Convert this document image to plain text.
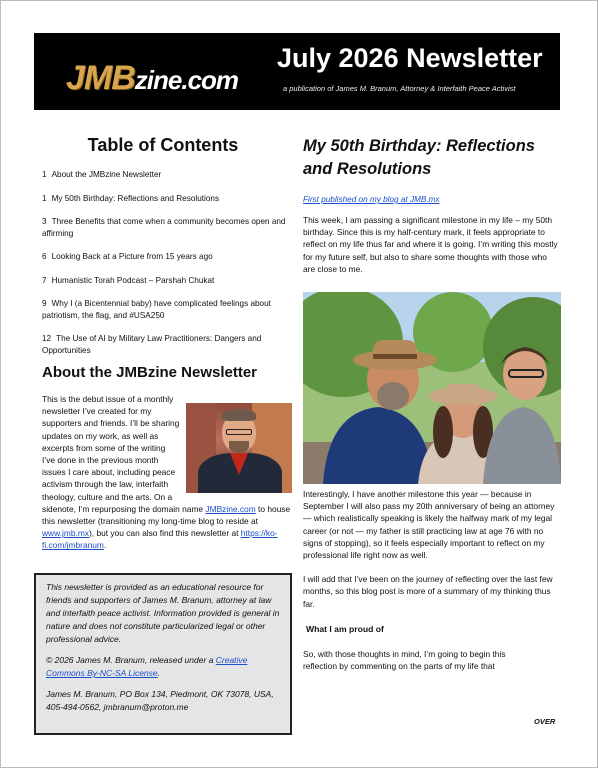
JMBzine.com
July 2026 Newsletter
a publication of James M. Branum, Attorney & Interfaith Peace Activist
Table of Contents
1 About the JMBzine Newsletter
1 My 50th Birthday: Reflections and Resolutions
3 Three Benefits that come when a community becomes open and affirming
6 Looking Back at a Picture from 15 years ago
7 Humanistic Torah Podcast – Parshah Chukat
9 Why I (a Bicentennial baby) have complicated feelings about patriotism, the flag, and #USA250
12 The Use of AI by Military Law Practitioners: Dangers and Opportunities
About the JMBzine Newsletter
This is the debut issue of a monthly newsletter I’ve created for my supporters and friends. I’ll be sharing updates on my work, as well as excerpts from some of the writing I’ve done in the previous month issues I care about, including peace activism through the law, interfaith theology, culture and the arts. On a sidenote, I’m repurposing the domain name JMBzine.com to house this newsletter (transitioning my long-time blog to reside at www.jmb.mx), but you can also find this newsletter at https://ko-fi.com/jmbranum.

This newsletter is provided as an educational resource for friends and supporters of James M. Branum, attorney at law and interfaith peace activist. Information provided is general in nature and does not constitute particularized legal or other professional advice.

© 2026 James M. Branum, released under a Creative Commons By-NC-SA License.

James M. Branum, PO Box 134, Piedmont, OK 73078, USA, 405-494-0562, jmbranum@proton.me

My 50th Birthday: Reflections and Resolutions
First published on my blog at JMB.mx

This week, I am passing a significant milestone in my life – my 50th birthday. Since this is my half-century mark, it feels appropriate to reflect on my life thus far and where it is going. I’m writing this mostly for my future self, but also to share some thoughts with those who are close to me.

Interestingly, I have another milestone this year — because in September I will also pass my 20th anniversary of being an attorney — which realistically speaking is likely the halfway mark of my legal career (or not — my father is still practicing law at age 76 with no signs of stopping), so it feels especially important to reflect on my professional life right now as well.

I will add that I’ve been on the journey of reflecting over the last few months, so this blog post is more of a summary of my thinking thus far.

What I am proud of

So, with those thoughts in mind, I’m going to begin this reflection by commenting on the parts of my life that

OVER
